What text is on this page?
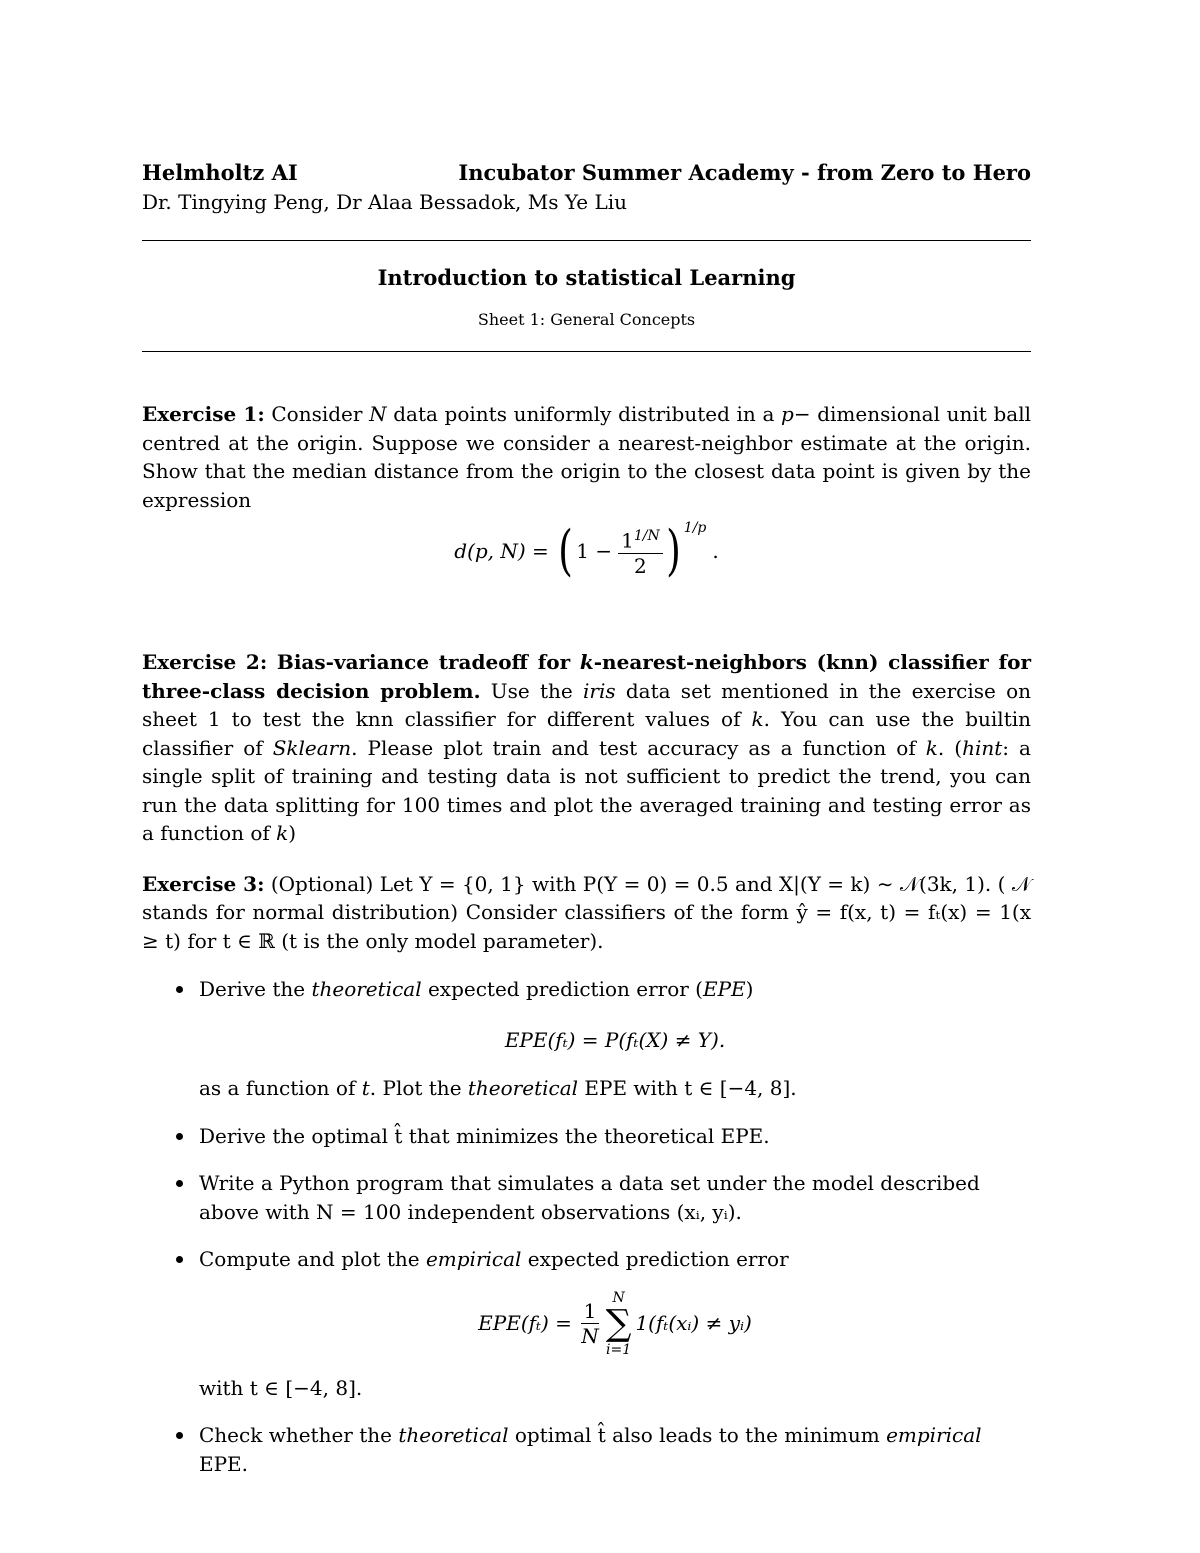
Helmholtz AI	Incubator Summer Academy - from Zero to Hero
Dr. Tingying Peng, Dr Alaa Bessadok, Ms Ye Liu
Introduction to statistical Learning
Sheet 1: General Concepts

Exercise 1: Consider N data points uniformly distributed in a p− dimensional unit ball centred at the origin. Suppose we consider a nearest-neighbor estimate at the origin. Show that the median distance from the origin to the closest data point is given by the expression

d(p, N) = ( $1 - \frac{1^{1/N}}{2} )^{1/p}$
.

Exercise 2: Bias-variance tradeoff for k-nearest-neighbors (knn) classifier for three-class decision problem. Use the iris data set mentioned in the exercise on sheet 1 to test the knn classifier for different values of k. You can use the builtin classifier of Sklearn. Please plot train and test accuracy as a function of k. (hint: a single split of training and testing data is not sufficient to predict the trend, you can run the data splitting for 100 times and plot the averaged training and testing error as a function of k)

Exercise 3: (Optional) Let Y = {0, 1} with P(Y = 0) = 0.5 and X|(Y = k) ∼ 𝒩(3k, 1). ( 𝒩 stands for normal distribution) Consider classifiers of the form ŷ = f(x, t) = fₜ(x) = 1(x ≥ t) for t ∈ ℝ (t is the only model parameter).

Derive the theoretical expected prediction error (EPE)
EPE(fₜ) = P(fₜ(X) ≠ Y).
as a function of t. Plot the theoretical EPE with t ∈ [−4, 8].
Derive the optimal t̂ that minimizes the theoretical EPE.
Write a Python program that simulates a data set under the model described above with N = 100 independent observations (xᵢ, yᵢ).
Compute and plot the empirical expected prediction error
$EPE(f_t) = \frac{1}{N}$
N
∑
i=1
1(fₜ(xᵢ) ≠ yᵢ)
with t ∈ [−4, 8].
Check whether the theoretical optimal t̂ also leads to the minimum empirical EPE.
